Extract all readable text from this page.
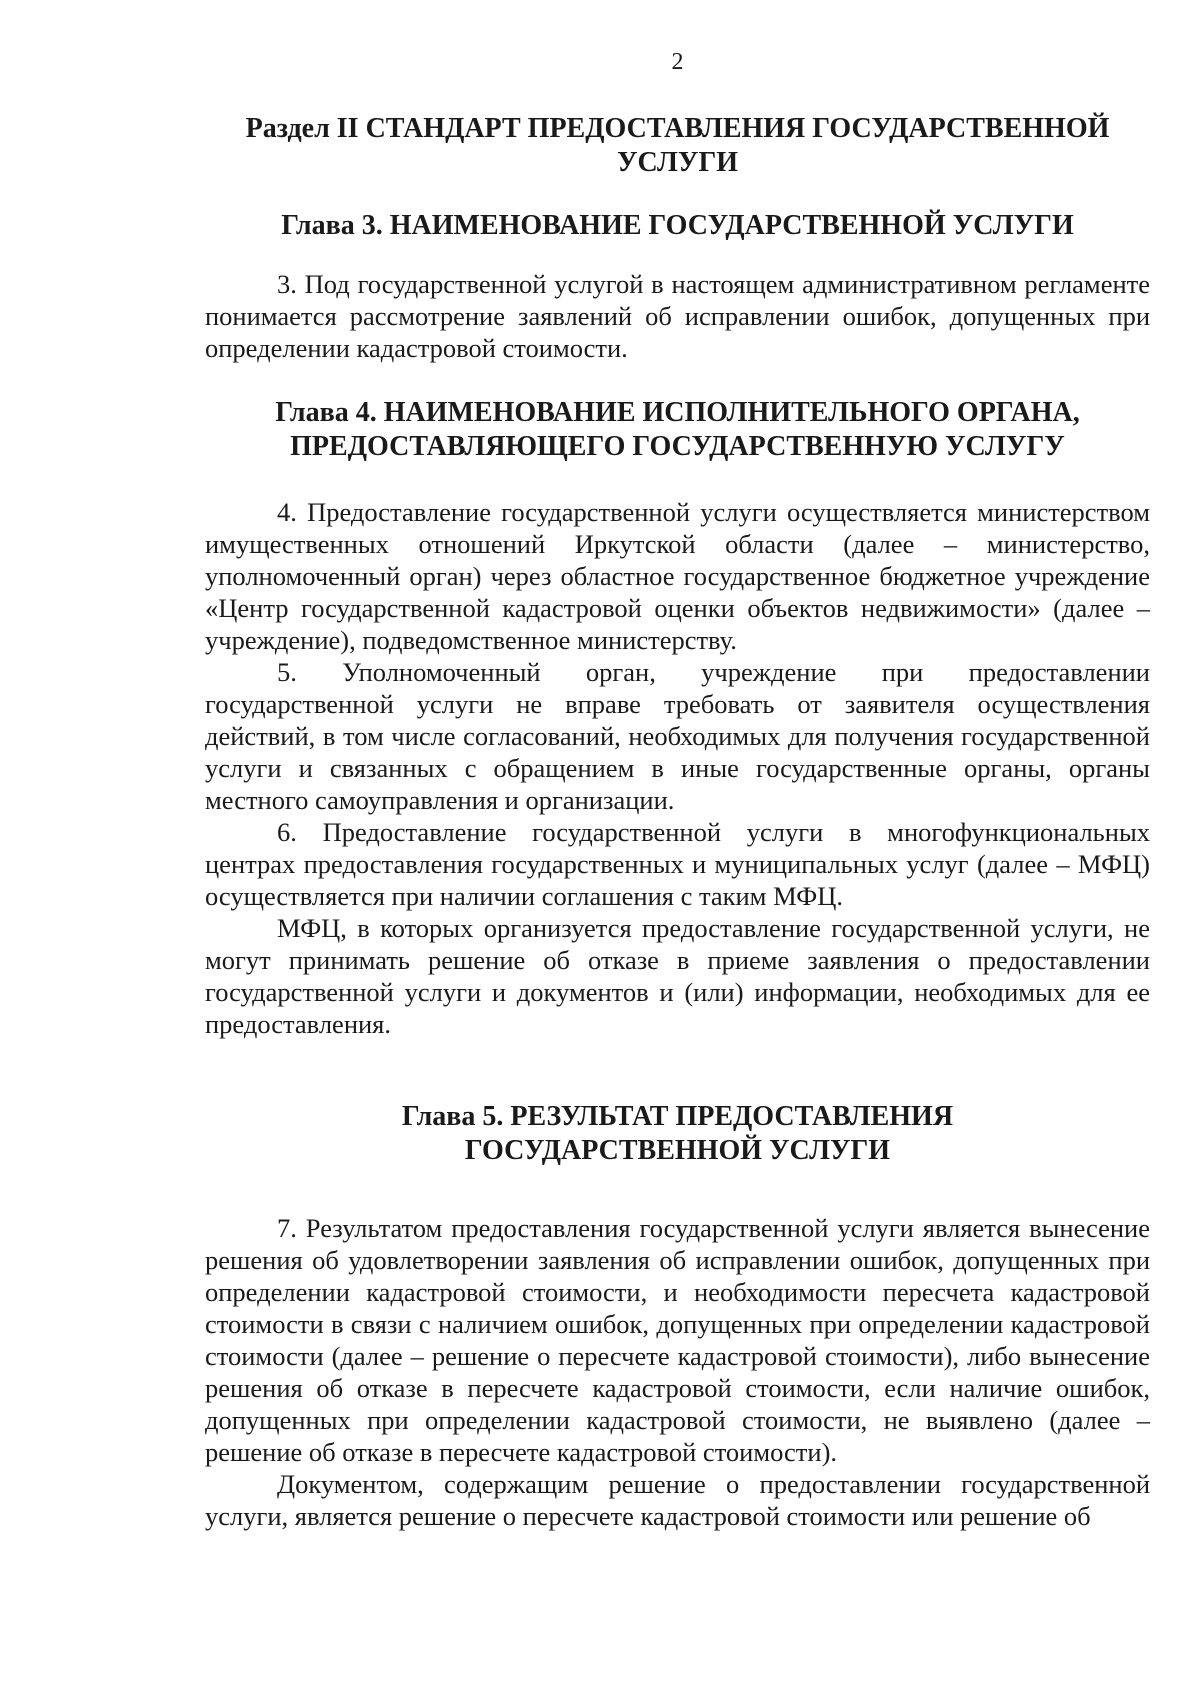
2
Раздел II СТАНДАРТ ПРЕДОСТАВЛЕНИЯ ГОСУДАРСТВЕННОЙ УСЛУГИ
Глава 3. НАИМЕНОВАНИЕ ГОСУДАРСТВЕННОЙ УСЛУГИ

3. Под государственной услугой в настоящем административном регламенте понимается рассмотрение заявлений об исправлении ошибок, допущенных при определении кадастровой стоимости.

Глава 4. НАИМЕНОВАНИЕ ИСПОЛНИТЕЛЬНОГО ОРГАНА, ПРЕДОСТАВЛЯЮЩЕГО ГОСУДАРСТВЕННУЮ УСЛУГУ

4. Предоставление государственной услуги осуществляется министерством имущественных отношений Иркутской области (далее – министерство, уполномоченный орган) через областное государственное бюджетное учреждение «Центр государственной кадастровой оценки объектов недвижимости» (далее – учреждение), подведомственное министерству.

5. Уполномоченный орган, учреждение при предоставлении государственной услуги не вправе требовать от заявителя осуществления действий, в том числе согласований, необходимых для получения государственной услуги и связанных с обращением в иные государственные органы, органы местного самоуправления и организации.

6. Предоставление государственной услуги в многофункциональных центрах предоставления государственных и муниципальных услуг (далее – МФЦ) осуществляется при наличии соглашения с таким МФЦ.

МФЦ, в которых организуется предоставление государственной услуги, не могут принимать решение об отказе в приеме заявления о предоставлении государственной услуги и документов и (или) информации, необходимых для ее предоставления.

Глава 5. РЕЗУЛЬТАТ ПРЕДОСТАВЛЕНИЯ ГОСУДАРСТВЕННОЙ УСЛУГИ

7. Результатом предоставления государственной услуги является вынесение решения об удовлетворении заявления об исправлении ошибок, допущенных при определении кадастровой стоимости, и необходимости пересчета кадастровой стоимости в связи с наличием ошибок, допущенных при определении кадастровой стоимости (далее – решение о пересчете кадастровой стоимости), либо вынесение решения об отказе в пересчете кадастровой стоимости, если наличие ошибок, допущенных при определении кадастровой стоимости, не выявлено (далее – решение об отказе в пересчете кадастровой стоимости).

Документом, содержащим решение о предоставлении государственной услуги, является решение о пересчете кадастровой стоимости или решение об
